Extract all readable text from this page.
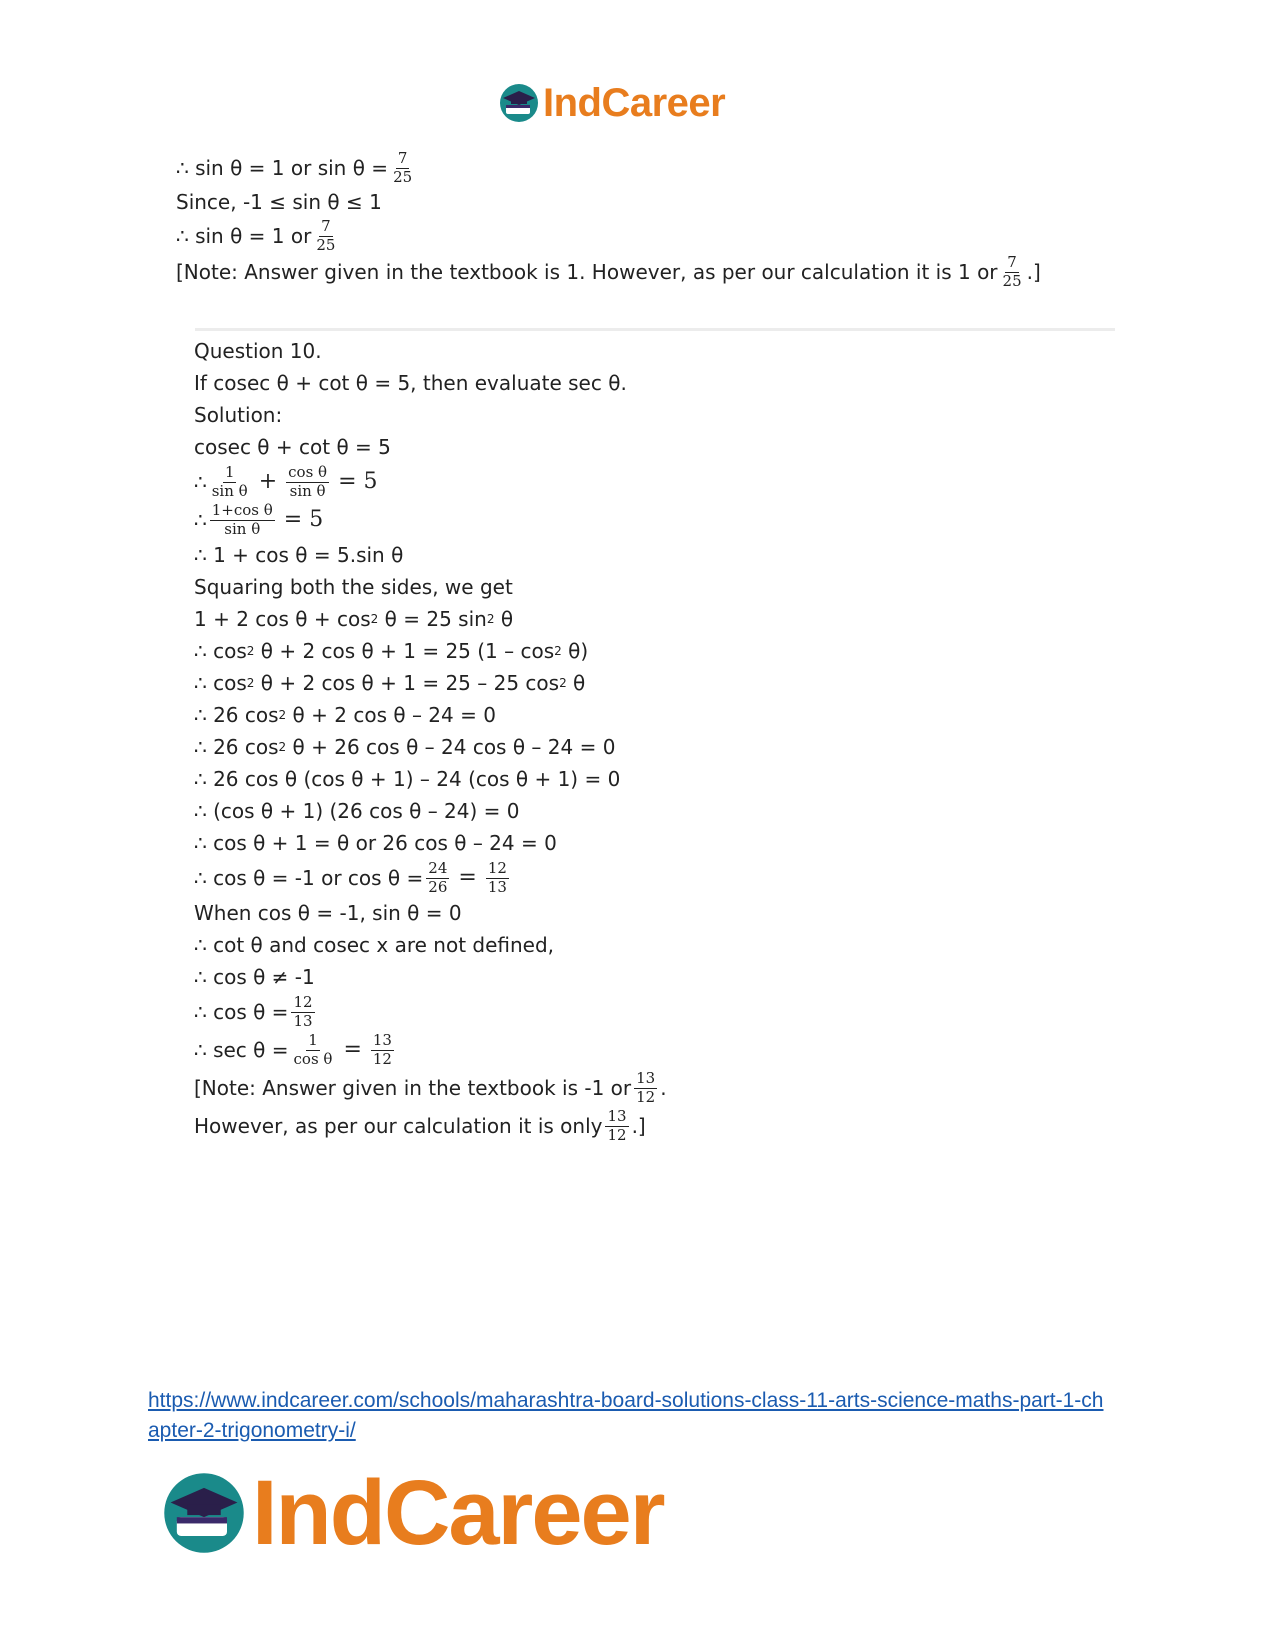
IndCareer
∴ sin θ = 1 or $\sin \theta = \frac{7}{25}$
Since, -1 ≤ sin θ ≤ 1
∴ sin θ = 1 or $\frac{7}{25}$
[Note: Answer given in the textbook is 1. However, as per our calculation it is 1 or $\frac{7}{25}$ .]
Question 10.
If cosec θ + cot θ = 5, then evaluate sec θ.
Solution:
cosec θ + cot θ = 5
∴ $\frac{1}{\text{sin θ}} + \frac{\text{cos θ}}{\text{sin θ}} = 5$
∴ $\frac{\text{1+cos θ}}{\text{sin θ}} = 5$
∴ 1 + cos θ = 5.sin θ
Squaring both the sides, we get
1 + 2 cos θ + cos 2 θ = 25 sin 2 θ
∴ cos 2 θ + 2 cos θ + 1 = 25 (1 – cos 2 θ)
∴ cos 2 θ + 2 cos θ + 1 = 25 – 25 cos 2 θ
∴ 26 cos 2 θ + 2 cos θ – 24 = 0
∴ 26 cos 2 θ + 26 cos θ – 24 cos θ – 24 = 0
∴ 26 cos θ (cos θ + 1) – 24 (cos θ + 1) = 0
∴ (cos θ + 1) (26 cos θ – 24) = 0
∴ cos θ + 1 = θ or 26 cos θ – 24 = 0
∴ cos θ = -1 or $\cos \theta = \frac{24}{26} = \frac{12}{13}$
When cos θ = -1, sin θ = 0
∴ cot θ and cosec x are not defined,
∴ cos θ ≠ -1
∴ $\cos \theta = \frac{12}{13}$
∴ $\sec \theta = \frac{1}{\text{cos θ}} = \frac{13}{12}$
[Note: Answer given in the textbook is -1 or $\frac{13}{12}$ .
However, as per our calculation it is only $\frac{13}{12}$ .]
https://www.indcareer.com/schools/maharashtra-board-solutions-class-11-arts-science-maths-part-1-chapter-2-trigonometry-i/
IndCareer
